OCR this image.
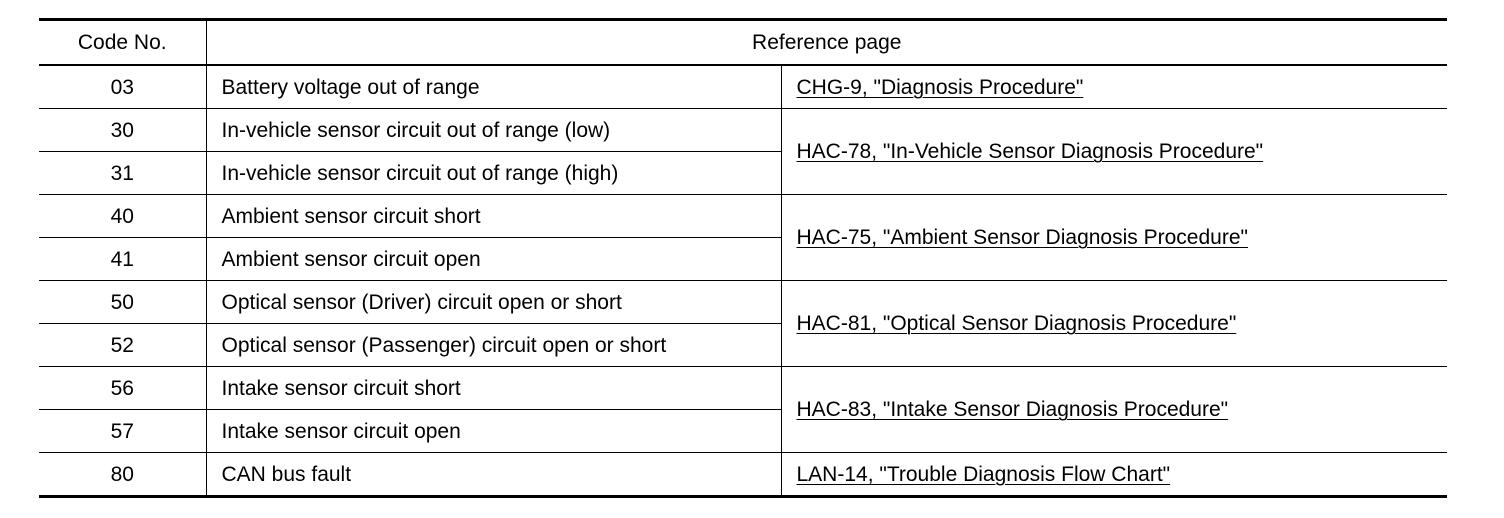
Code No.	Reference page	
03	Battery voltage out of range	CHG-9, "Diagnosis Procedure"
30	In-vehicle sensor circuit out of range (low)	HAC-78, "In-Vehicle Sensor Diagnosis Procedure"
31	In-vehicle sensor circuit out of range (high)	
40	Ambient sensor circuit short	HAC-75, "Ambient Sensor Diagnosis Procedure"
41	Ambient sensor circuit open	
50	Optical sensor (Driver) circuit open or short	HAC-81, "Optical Sensor Diagnosis Procedure"
52	Optical sensor (Passenger) circuit open or short	
56	Intake sensor circuit short	HAC-83, "Intake Sensor Diagnosis Procedure"
57	Intake sensor circuit open	
80	CAN bus fault	LAN-14, "Trouble Diagnosis Flow Chart"
